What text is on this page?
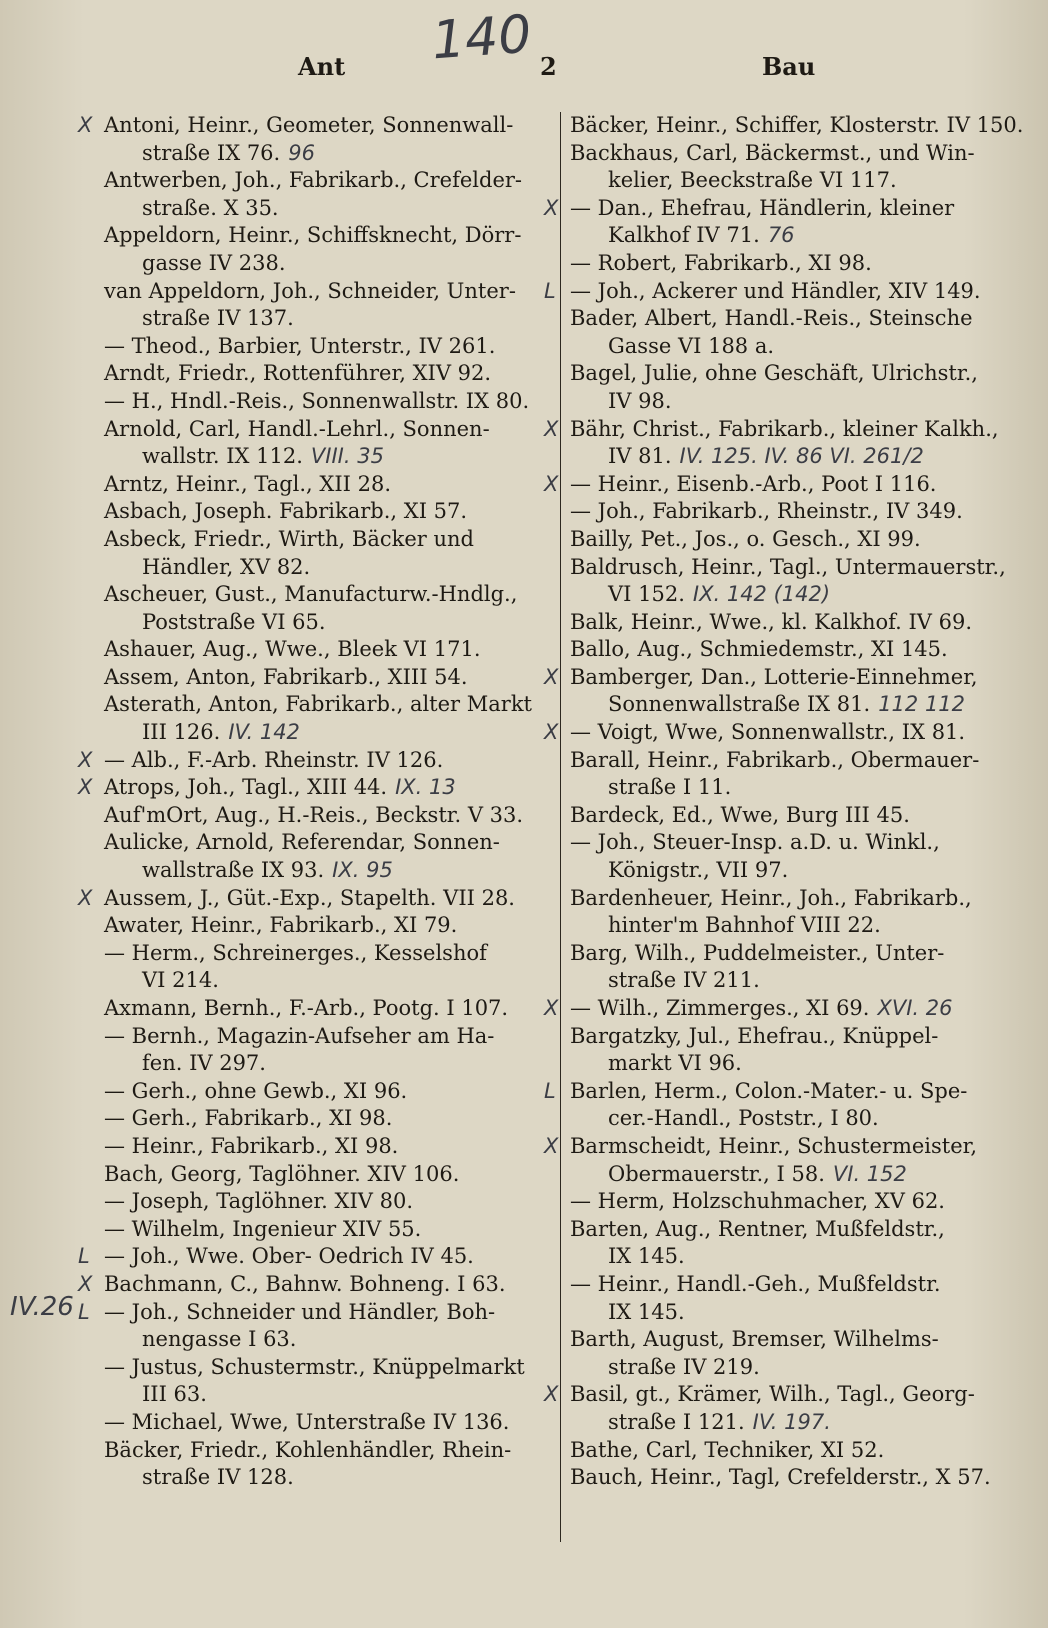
140
Ant	2	Bau
IV.26
X Antoni, Heinr., Geometer, Sonnenwall-
straße IX 76. 96
Antwerben, Joh., Fabrikarb., Crefelder-
straße. X 35.
Appeldorn, Heinr., Schiffsknecht, Dörr-
gasse IV 238.
van Appeldorn, Joh., Schneider, Unter-
straße IV 137.
— Theod., Barbier, Unterstr., IV 261.
Arndt, Friedr., Rottenführer, XIV 92.
— H., Hndl.-Reis., Sonnenwallstr. IX 80.
Arnold, Carl, Handl.-Lehrl., Sonnen-
wallstr. IX 112. VIII. 35
Arntz, Heinr., Tagl., XII 28.
Asbach, Joseph. Fabrikarb., XI 57.
Asbeck, Friedr., Wirth, Bäcker und
Händler, XV 82.
Ascheuer, Gust., Manufacturw.-Hndlg.,
Poststraße VI 65.
Ashauer, Aug., Wwe., Bleek VI 171.
Assem, Anton, Fabrikarb., XIII 54.
Asterath, Anton, Fabrikarb., alter Markt
III 126. IV. 142
X — Alb., F.-Arb. Rheinstr. IV 126.
X Atrops, Joh., Tagl., XIII 44. IX. 13
Auf'mOrt, Aug., H.-Reis., Beckstr. V 33.
Aulicke, Arnold, Referendar, Sonnen-
wallstraße IX 93. IX. 95
X Aussem, J., Güt.-Exp., Stapelth. VII 28.
Awater, Heinr., Fabrikarb., XI 79.
— Herm., Schreinerges., Kesselshof
VI 214.
Axmann, Bernh., F.-Arb., Pootg. I 107.
— Bernh., Magazin-Aufseher am Ha-
fen. IV 297.
— Gerh., ohne Gewb., XI 96.
— Gerh., Fabrikarb., XI 98.
— Heinr., Fabrikarb., XI 98.
Bach, Georg, Taglöhner. XIV 106.
— Joseph, Taglöhner. XIV 80.
— Wilhelm, Ingenieur XIV 55.
L — Joh., Wwe. Ober- Oedrich IV 45.
X Bachmann, C., Bahnw. Bohneng. I 63.
L — Joh., Schneider und Händler, Boh-
nengasse I 63.
— Justus, Schustermstr., Knüppelmarkt
III 63.
— Michael, Wwe, Unterstraße IV 136.
Bäcker, Friedr., Kohlenhändler, Rhein-
straße IV 128.
Bäcker, Heinr., Schiffer, Klosterstr. IV 150.
Backhaus, Carl, Bäckermst., und Win-
kelier, Beeckstraße VI 117.
X — Dan., Ehefrau, Händlerin, kleiner
Kalkhof IV 71. 76
— Robert, Fabrikarb., XI 98.
L — Joh., Ackerer und Händler, XIV 149.
Bader, Albert, Handl.-Reis., Steinsche
Gasse VI 188 a.
Bagel, Julie, ohne Geschäft, Ulrichstr.,
IV 98.
X Bähr, Christ., Fabrikarb., kleiner Kalkh.,
IV 81. IV. 125. IV. 86 VI. 261/2
X — Heinr., Eisenb.-Arb., Poot I 116.
— Joh., Fabrikarb., Rheinstr., IV 349.
Bailly, Pet., Jos., o. Gesch., XI 99.
Baldrusch, Heinr., Tagl., Untermauerstr.,
VI 152. IX. 142 (142)
Balk, Heinr., Wwe., kl. Kalkhof. IV 69.
Ballo, Aug., Schmiedemstr., XI 145.
X Bamberger, Dan., Lotterie-Einnehmer,
Sonnenwallstraße IX 81. 112 112
X — Voigt, Wwe, Sonnenwallstr., IX 81.
Barall, Heinr., Fabrikarb., Obermauer-
straße I 11.
Bardeck, Ed., Wwe, Burg III 45.
— Joh., Steuer-Insp. a.D. u. Winkl.,
Königstr., VII 97.
Bardenheuer, Heinr., Joh., Fabrikarb.,
hinter'm Bahnhof VIII 22.
Barg, Wilh., Puddelmeister., Unter-
straße IV 211.
X — Wilh., Zimmerges., XI 69. XVI. 26
Bargatzky, Jul., Ehefrau., Knüppel-
markt VI 96.
L Barlen, Herm., Colon.-Mater.- u. Spe-
cer.-Handl., Poststr., I 80.
X Barmscheidt, Heinr., Schustermeister,
Obermauerstr., I 58. VI. 152
— Herm, Holzschuhmacher, XV 62.
Barten, Aug., Rentner, Mußfeldstr.,
IX 145.
— Heinr., Handl.-Geh., Mußfeldstr.
IX 145.
Barth, August, Bremser, Wilhelms-
straße IV 219.
X Basil, gt., Krämer, Wilh., Tagl., Georg-
straße I 121. IV. 197.
Bathe, Carl, Techniker, XI 52.
Bauch, Heinr., Tagl, Crefelderstr., X 57.
